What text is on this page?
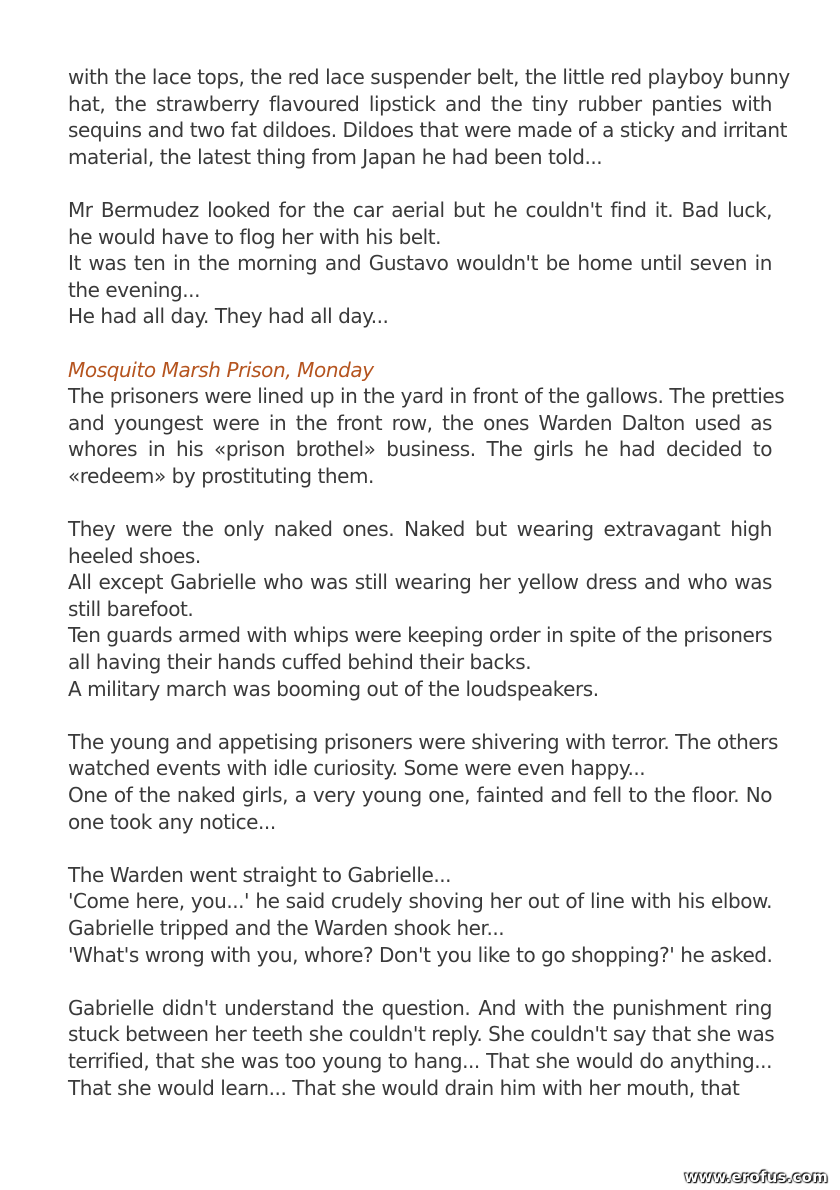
with the lace tops, the red lace suspender belt, the little red playboy bunny
hat, the strawberry flavoured lipstick and the tiny rubber panties with
sequins and two fat dildoes. Dildoes that were made of a sticky and irritant
material, the latest thing from Japan he had been told...
Mr Bermudez looked for the car aerial but he couldn't find it. Bad luck,
he would have to flog her with his belt.
It was ten in the morning and Gustavo wouldn't be home until seven in
the evening...
He had all day. They had all day...
Mosquito Marsh Prison, Monday
The prisoners were lined up in the yard in front of the gallows. The pretties
and youngest were in the front row, the ones Warden Dalton used as
whores in his «prison brothel» business. The girls he had decided to
«redeem» by prostituting them.
They were the only naked ones. Naked but wearing extravagant high
heeled shoes.
All except Gabrielle who was still wearing her yellow dress and who was
still barefoot.
Ten guards armed with whips were keeping order in spite of the prisoners
all having their hands cuffed behind their backs.
A military march was booming out of the loudspeakers.
The young and appetising prisoners were shivering with terror. The others
watched events with idle curiosity. Some were even happy...
One of the naked girls, a very young one, fainted and fell to the floor. No
one took any notice...
The Warden went straight to Gabrielle...
'Come here, you...' he said crudely shoving her out of line with his elbow.
Gabrielle tripped and the Warden shook her...
'What's wrong with you, whore? Don't you like to go shopping?' he asked.
Gabrielle didn't understand the question. And with the punishment ring
stuck between her teeth she couldn't reply. She couldn't say that she was
terrified, that she was too young to hang... That she would do anything...
That she would learn... That she would drain him with her mouth, that
www.erofus.com
